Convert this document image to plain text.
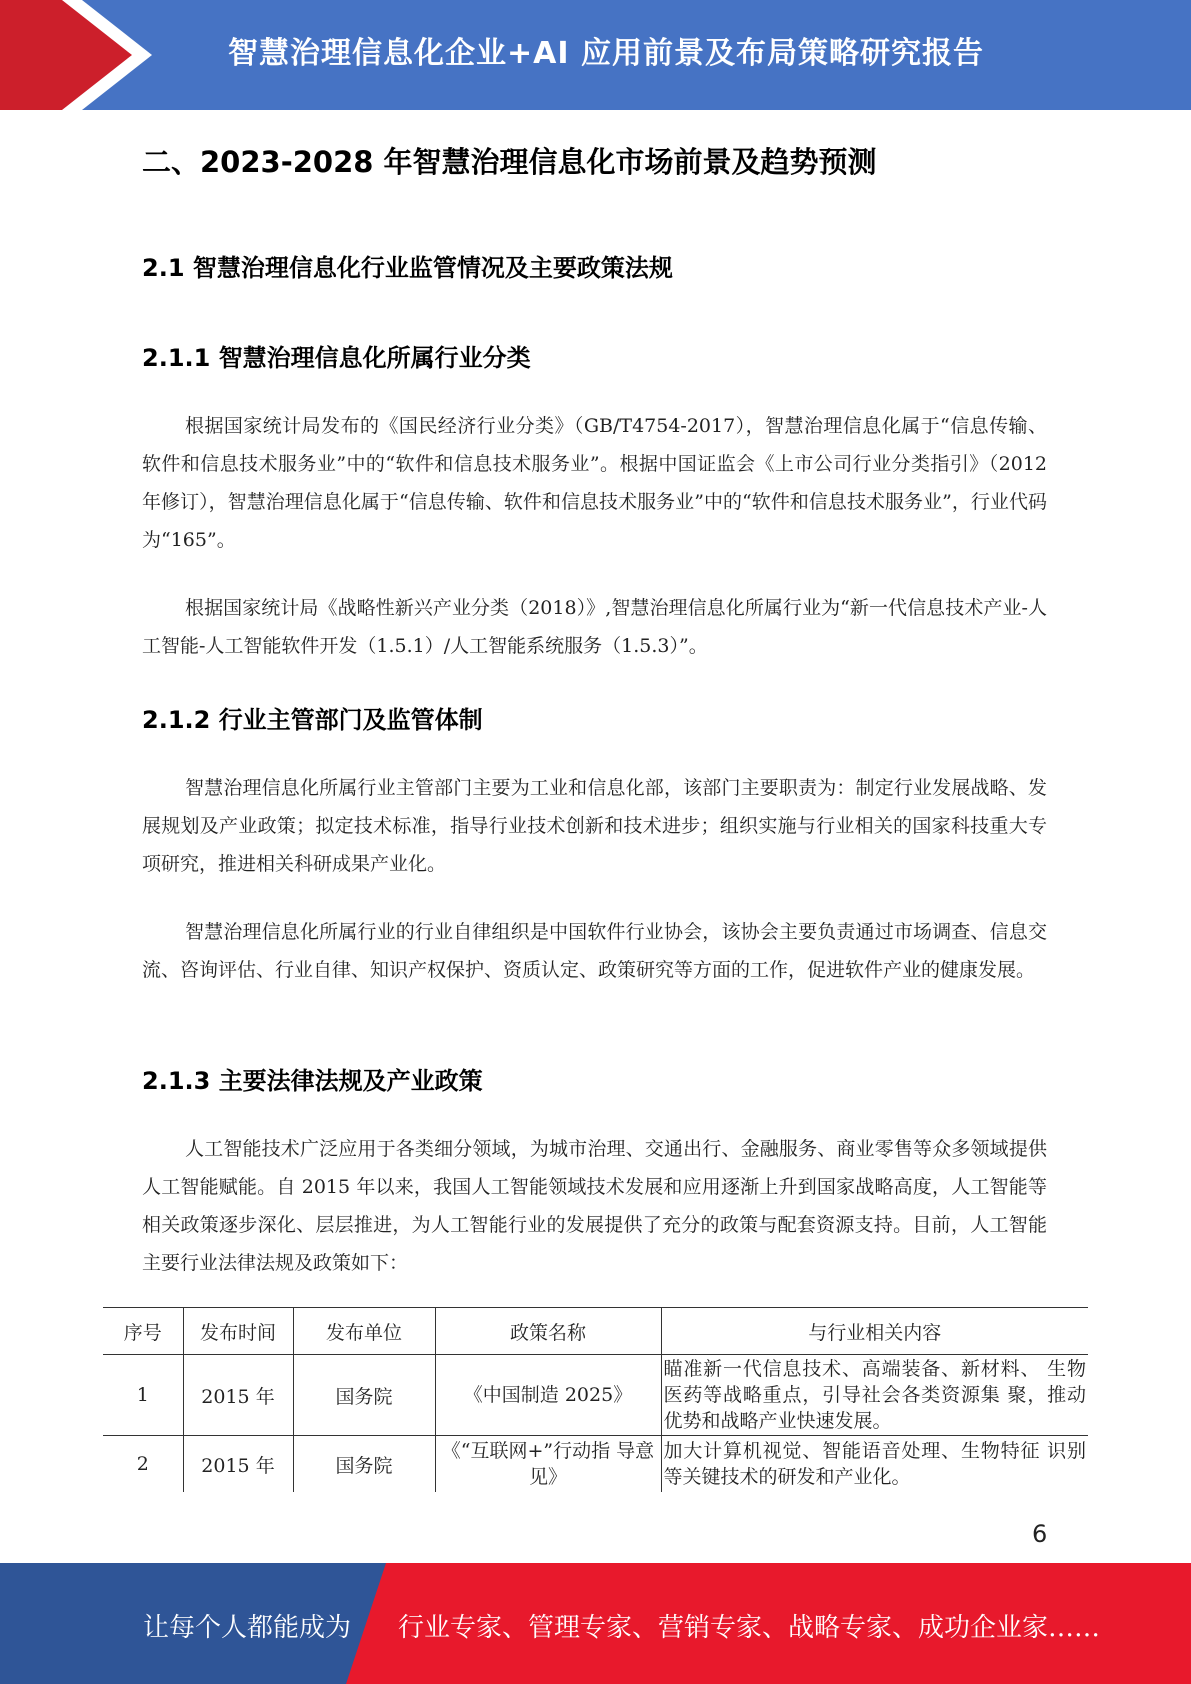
智慧治理信息化企业+AI 应用前景及布局策略研究报告
二、2023-2028 年智慧治理信息化市场前景及趋势预测
2.1 智慧治理信息化行业监管情况及主要政策法规
2.1.1 智慧治理信息化所属行业分类

根据国家统计局发布的《国民经济行业分类》（GB/T4754-2017），智慧治理信息化属于“信息传输、软件和信息技术服务业”中的“软件和信息技术服务业”。根据中国证监会《上市公司行业分类指引》（2012 年修订），智慧治理信息化属于“信息传输、软件和信息技术服务业”中的“软件和信息技术服务业”，行业代码为“165”。

根据国家统计局《战略性新兴产业分类（2018）》,智慧治理信息化所属行业为“新一代信息技术产业-人工智能-人工智能软件开发（1.5.1）/人工智能系统服务（1.5.3）”。

2.1.2 行业主管部门及监管体制

智慧治理信息化所属行业主管部门主要为工业和信息化部，该部门主要职责为：制定行业发展战略、发展规划及产业政策；拟定技术标准，指导行业技术创新和技术进步；组织实施与行业相关的国家科技重大专项研究，推进相关科研成果产业化。

智慧治理信息化所属行业的行业自律组织是中国软件行业协会，该协会主要负责通过市场调查、信息交流、咨询评估、行业自律、知识产权保护、资质认定、政策研究等方面的工作，促进软件产业的健康发展。

2.1.3 主要法律法规及产业政策

人工智能技术广泛应用于各类细分领域，为城市治理、交通出行、金融服务、商业零售等众多领域提供人工智能赋能。自 2015 年以来，我国人工智能领域技术发展和应用逐渐上升到国家战略高度，人工智能等相关政策逐步深化、层层推进，为人工智能行业的发展提供了充分的政策与配套资源支持。目前，人工智能主要行业法律法规及政策如下：

序号	发布时间	发布单位	政策名称	与行业相关内容
1	2015 年	国务院	《中国制造 2025》	瞄准新一代信息技术、高端装备、新材料、 生物医药等战略重点，引导社会各类资源集 聚，推动优势和战略产业快速发展。
2	2015 年	国务院	《“互联网+”行动指 导意见》	加大计算机视觉、智能语音处理、生物特征 识别等关键技术的研发和产业化。
6
让每个人都能成为 行业专家、管理专家、营销专家、战略专家、成功企业家……
